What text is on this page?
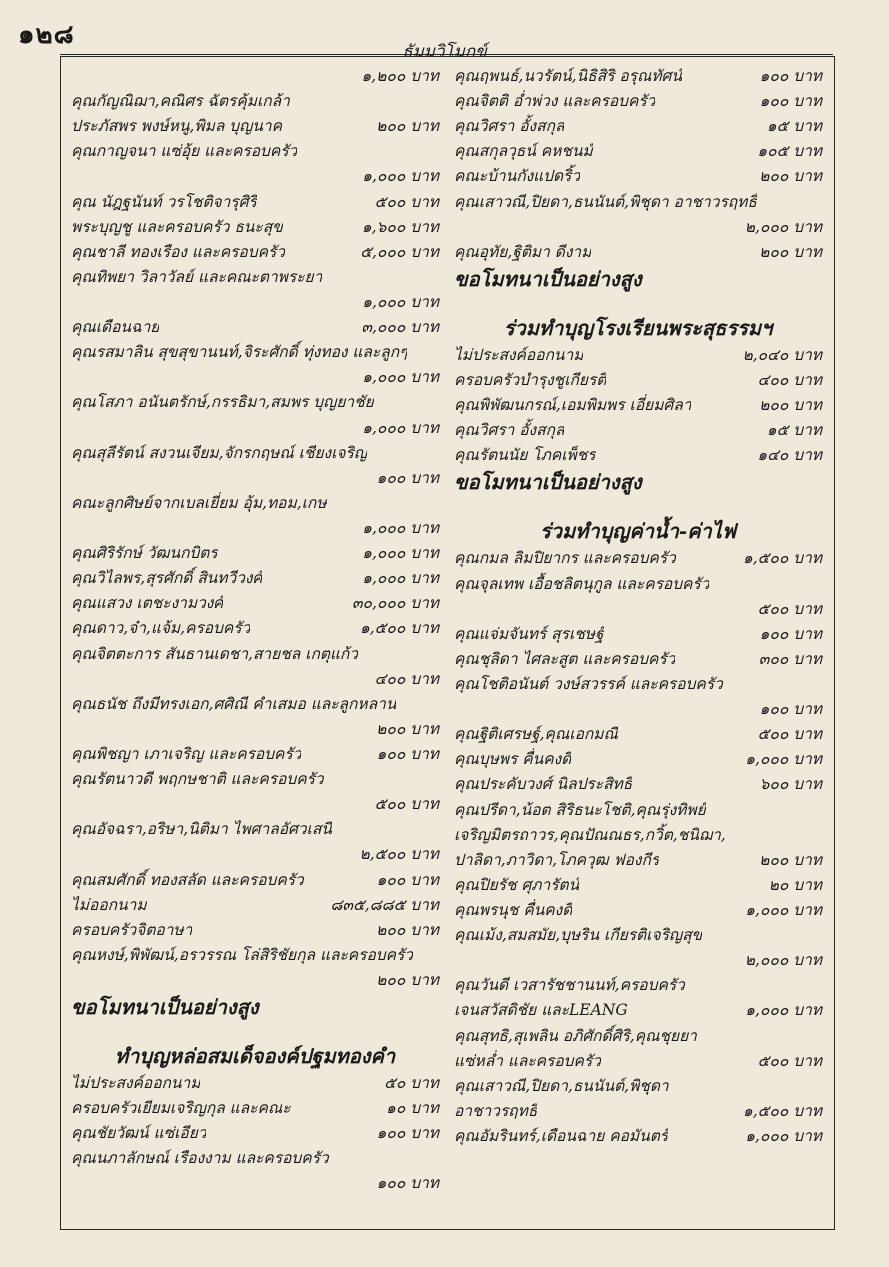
๑๒๘
ธัมมวิโมกข์
๑,๒๐๐ บาท
คุณกัญณิฌา,คณิศร ฉัตรคุ้มเกล้า
ประภัสพร พงษ์หนู,พิมล บุญนาค	๒๐๐ บาท
คุณกาญจนา แซ่อุ้ย และครอบครัว
๑,๐๐๐ บาท
คุณ นัฎฐนันท์ วรโชติจารุศิริ	๕๐๐ บาท
พระบุญชู และครอบครัว ธนะสุข	๑,๖๐๐ บาท
คุณชาลี ทองเรือง และครอบครัว	๕,๐๐๐ บาท
คุณทิพยา วิลาวัลย์ และคณะตาพระยา
๑,๐๐๐ บาท
คุณเดือนฉาย	๓,๐๐๐ บาท
คุณรสมาลิน สุขสุขานนท์,จิระศักดิ์ ทุ่งทอง และลูกๆ
๑,๐๐๐ บาท
คุณโสภา อนันตรักษ์,กรรธิมา,สมพร บุญยาชัย
๑,๐๐๐ บาท
คุณสุลีรัตน์ สงวนเจียม,จักรกฤษณ์ เชียงเจริญ
๑๐๐ บาท
คณะลูกศิษย์จากเบลเยี่ยม อุ้ม,ทอม,เกษ
๑,๐๐๐ บาท
คุณศิริรักษ์ วัฒนกบิตร	๑,๐๐๐ บาท
คุณวิไลพร,สุรศักดิ์ สินทวีวงศ์	๑,๐๐๐ บาท
คุณแสวง เตชะงามวงศ์	๓๐,๐๐๐ บาท
คุณดาว,จ๋า,แจ้ม,ครอบครัว	๑,๕๐๐ บาท
คุณจิตตะการ สันธานเดชา,สายชล เกตุแก้ว
๔๐๐ บาท
คุณธนัช ถึงมีทรงเอก,ศศิณี คำเสมอ และลูกหลาน
๒๐๐ บาท
คุณพิชญา เภาเจริญ และครอบครัว	๑๐๐ บาท
คุณรัตนาวดี พฤกษชาติ และครอบครัว
๕๐๐ บาท
คุณอัจฉรา,อริษา,นิติมา ไพศาลอัศวเสนี
๒,๕๐๐ บาท
คุณสมศักดิ์ ทองสลัด และครอบครัว	๑๐๐ บาท
ไม่ออกนาม	๘๓๕,๘๘๕ บาท
ครอบครัวจิตอาษา	๒๐๐ บาท
คุณหงษ์,พิพัฒน์,อรวรรณ โล่สิริชัยกุล และครอบครัว
๒๐๐ บาท
ขอโมทนาเป็นอย่างสูง
ทำบุญหล่อสมเด็จองค์ปฐมทองคำ
ไม่ประสงค์ออกนาม	๕๐ บาท
ครอบครัวเยียมเจริญกุล และคณะ	๑๐ บาท
คุณชัยวัฒน์ แซ่เอียว	๑๐๐ บาท
คุณนภาลักษณ์ เรืองงาม และครอบครัว
๑๐๐ บาท
คุณฤพนธ์,นวรัตน์,นิธิสิริ อรุณทัศน์	๑๐๐ บาท
คุณจิตติ อ่ำพ่วง และครอบครัว	๑๐๐ บาท
คุณวิศรา อั้งสกุล	๑๕ บาท
คุณสกุลวุธน์ คหชนม์	๑๐๕ บาท
คณะบ้านกังแปดริ้ว	๒๐๐ บาท
คุณเสาวณี,ปิยดา,ธนนันต์,พิชุดา อาชาวรฤทธิ์
๒,๐๐๐ บาท
คุณอุทัย,ฐิติมา ดีงาม	๒๐๐ บาท
ขอโมทนาเป็นอย่างสูง
ร่วมทำบุญโรงเรียนพระสุธรรมฯ
ไม่ประสงค์ออกนาม	๒,๐๔๐ บาท
ครอบครัวบำรุงชูเกียรติ	๔๐๐ บาท
คุณพิพัฒนกรณ์,เอมพิมพร เอี่ยมศิลา	๒๐๐ บาท
คุณวิศรา อั้งสกุล	๑๕ บาท
คุณรัตนนัย โภคเพ็ชร	๑๔๐ บาท
ขอโมทนาเป็นอย่างสูง
ร่วมทำบุญค่าน้ำ-ค่าไฟ
คุณกมล ลิมปิยากร และครอบครัว	๑,๕๐๐ บาท
คุณจุลเทพ เอื้อชลิตนุกูล และครอบครัว
๕๐๐ บาท
คุณแจ่มจันทร์ สุรเชษฐ์	๑๐๐ บาท
คุณชุลิดา ไศละสูต และครอบครัว	๓๐๐ บาท
คุณโชติอนันต์ วงษ์สวรรค์ และครอบครัว
๑๐๐ บาท
คุณฐิติเศรษฐ์,คุณเอกมณี	๕๐๐ บาท
คุณบุษพร คื่นคงดี	๑,๐๐๐ บาท
คุณประคับวงศ์ นิลประสิทธิ์	๖๐๐ บาท
คุณปรีดา,น้อต สิริธนะโชติ,คุณรุ่งทิพย์
เจริญมิตรถาวร,คุณปัณณธร,กวิ้ต,ชนิฌา,
ปาลิดา,ภาวิดา,โภควุฒ ฟองกีร	๒๐๐ บาท
คุณปิยรัช ศุภารัตน์	๒๐ บาท
คุณพรนุช คื่นคงดี	๑,๐๐๐ บาท
คุณเม้ง,สมสมัย,บุษริน เกียรติเจริญสุข
๒,๐๐๐ บาท
คุณวันดี เวสารัชชานนท์,ครอบครัว
เจนสวัสดิชัย และLEANG	๑,๐๐๐ บาท
คุณสุทธิ,สุเพลิน อภิศักดิ์ศิริ,คุณชุยยา
แซ่หล่ำ และครอบครัว	๕๐๐ บาท
คุณเสาวณี,ปิยดา,ธนนันต์,พิชุดา
อาชาวรฤทธิ์	๑,๕๐๐ บาท
คุณอัมรินทร์,เดือนฉาย คอมันตร์	๑,๐๐๐ บาท
